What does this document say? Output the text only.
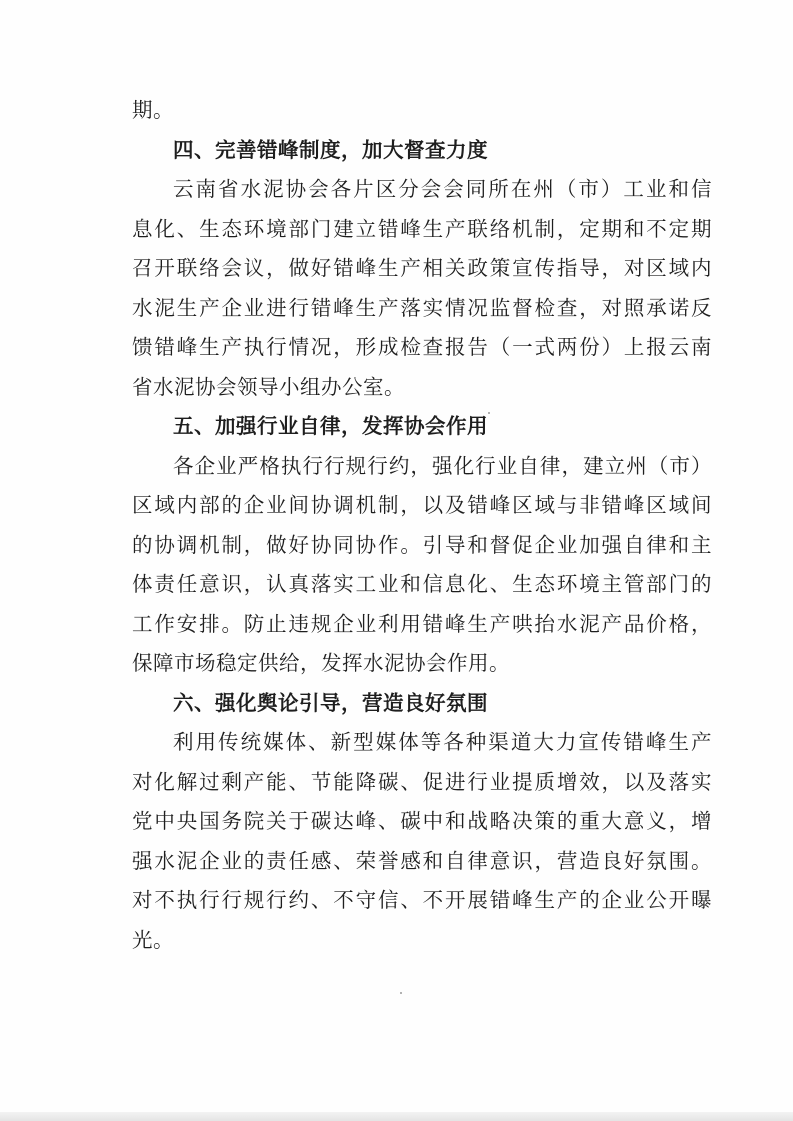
期。
四、完善错峰制度，加大督查力度
云南省水泥协会各片区分会会同所在州（市）工业和信
息化、生态环境部门建立错峰生产联络机制，定期和不定期
召开联络会议，做好错峰生产相关政策宣传指导，对区域内
水泥生产企业进行错峰生产落实情况监督检查，对照承诺反
馈错峰生产执行情况，形成检查报告（一式两份）上报云南
省水泥协会领导小组办公室。
五、加强行业自律，发挥协会作用
各企业严格执行行规行约，强化行业自律，建立州（市）
区域内部的企业间协调机制，以及错峰区域与非错峰区域间
的协调机制，做好协同协作。引导和督促企业加强自律和主
体责任意识，认真落实工业和信息化、生态环境主管部门的
工作安排。防止违规企业利用错峰生产哄抬水泥产品价格，
保障市场稳定供给，发挥水泥协会作用。
六、强化舆论引导，营造良好氛围
利用传统媒体、新型媒体等各种渠道大力宣传错峰生产
对化解过剩产能、节能降碳、促进行业提质增效，以及落实
党中央国务院关于碳达峰、碳中和战略决策的重大意义，增
强水泥企业的责任感、荣誉感和自律意识，营造良好氛围。
对不执行行规行约、不守信、不开展错峰生产的企业公开曝
光。
